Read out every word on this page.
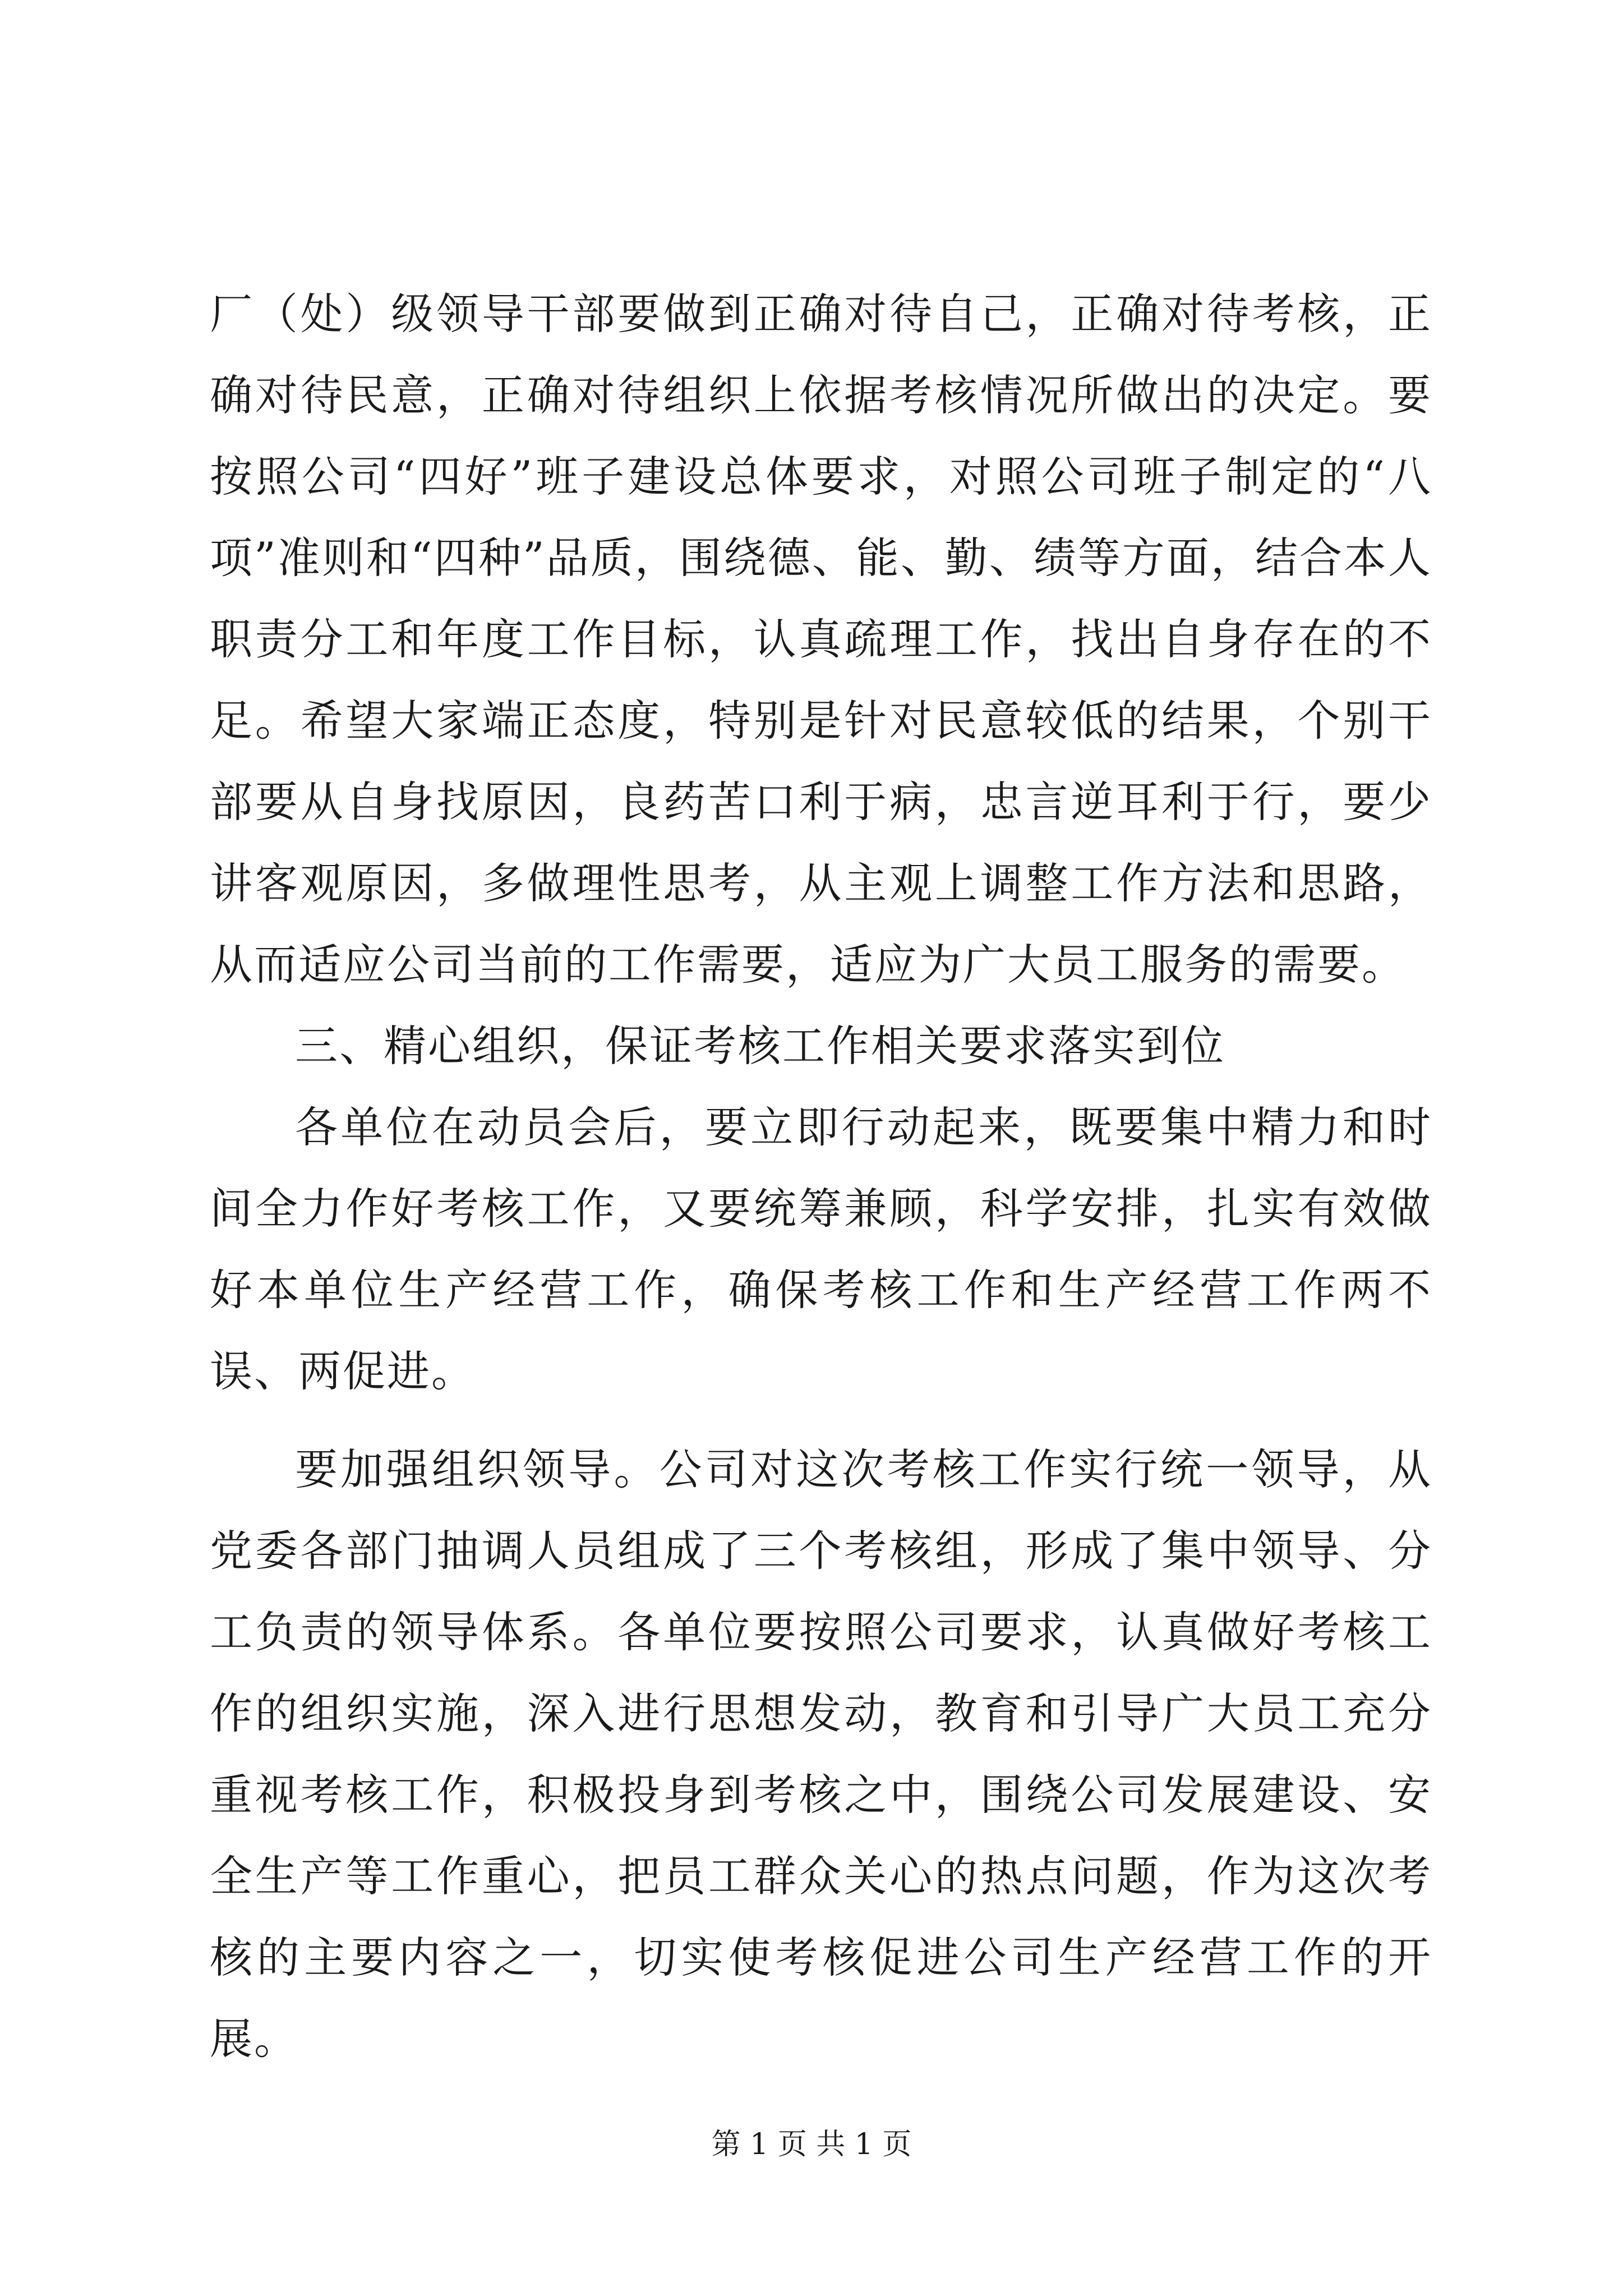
厂（处）级领导干部要做到正确对待自己，正确对待考核，正确对待民意，正确对待组织上依据考核情况所做出的决定。要按照公司“四好”班子建设总体要求，对照公司班子制定的“八项”准则和“四种”品质，围绕德、能、勤、绩等方面，结合本人职责分工和年度工作目标，认真疏理工作，找出自身存在的不足。希望大家端正态度，特别是针对民意较低的结果，个别干部要从自身找原因，良药苦口利于病，忠言逆耳利于行，要少讲客观原因，多做理性思考，从主观上调整工作方法和思路，从而适应公司当前的工作需要，适应为广大员工服务的需要。

三、精心组织，保证考核工作相关要求落实到位

各单位在动员会后，要立即行动起来，既要集中精力和时间全力作好考核工作，又要统筹兼顾，科学安排，扎实有效做好本单位生产经营工作，确保考核工作和生产经营工作两不误、两促进。

要加强组织领导。公司对这次考核工作实行统一领导，从党委各部门抽调人员组成了三个考核组，形成了集中领导、分工负责的领导体系。各单位要按照公司要求，认真做好考核工作的组织实施，深入进行思想发动，教育和引导广大员工充分重视考核工作，积极投身到考核之中，围绕公司发展建设、安全生产等工作重心，把员工群众关心的热点问题，作为这次考核的主要内容之一，切实使考核促进公司生产经营工作的开展。

第 1 页 共 1 页
